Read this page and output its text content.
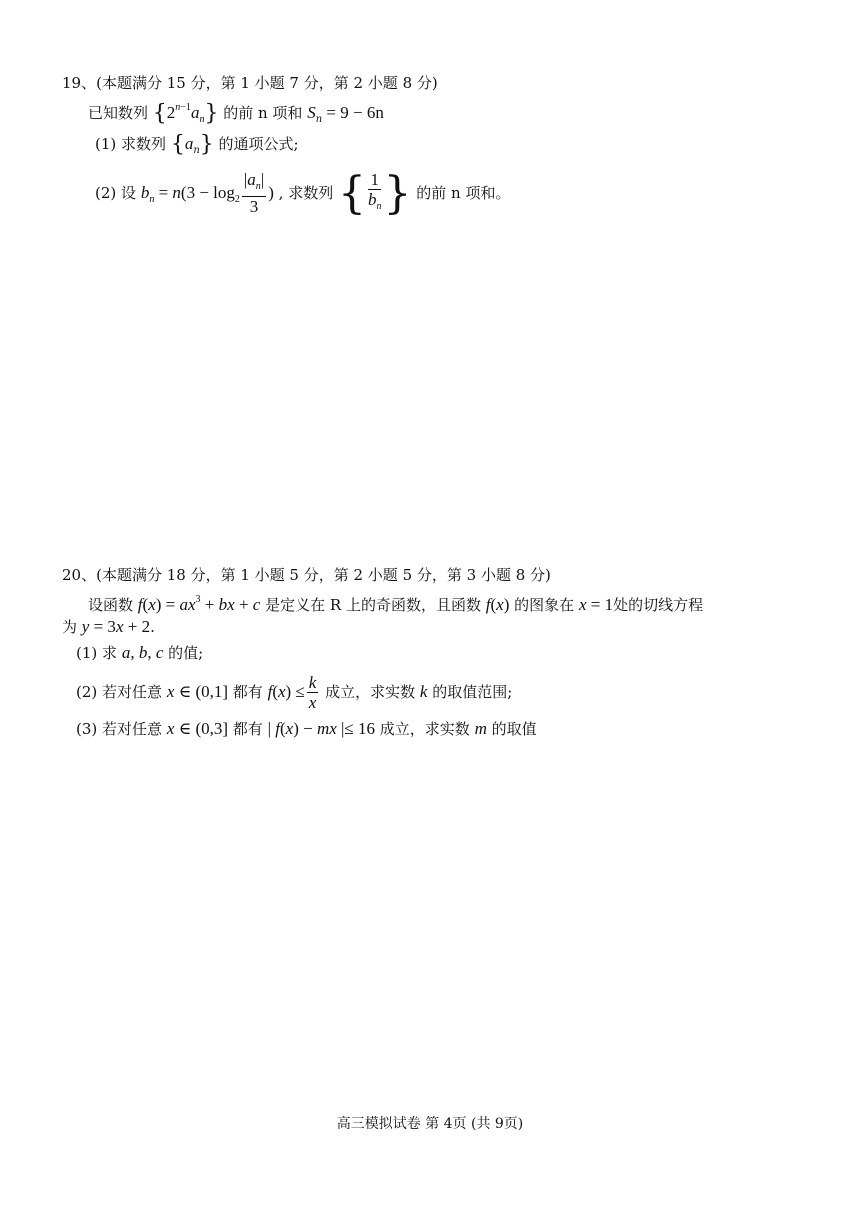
19、(本题满分 15 分，第 1 小题 7 分，第 2 小题 8 分)
已知数列 $\{2^{n-1}a_n\}$ 的前 n 项和 $S_n = 9 - 6n$
(1) 求数列 $\{a_n\}$ 的通项公式;
(2) 设 $b_n = n(3 - \log_2 \frac{|a_n|}{3}$ ) , 求数列 { $\frac{1}{b_n}$ } 的前 n 项和。
20、(本题满分 18 分，第 1 小题 5 分，第 2 小题 5 分，第 3 小题 8 分)
设函数 $f(x) = ax^3$ + bx + c 是定义在 R 上的奇函数，且函数 f(x) 的图象在 x = 1处的切线方程
为 y = 3x + 2.
(1) 求 a, b, c 的值;
(2) 若对任意 x ∈ (0,1] 都有 $f(x) \le \frac{k}{x}$ 成立，求实数 k 的取值范围;
(3) 若对任意 x ∈ (0,3] 都有 | f(x) − mx |≤ 16 成立，求实数 m 的取值
高三模拟试卷 第 4页 (共 9页)
